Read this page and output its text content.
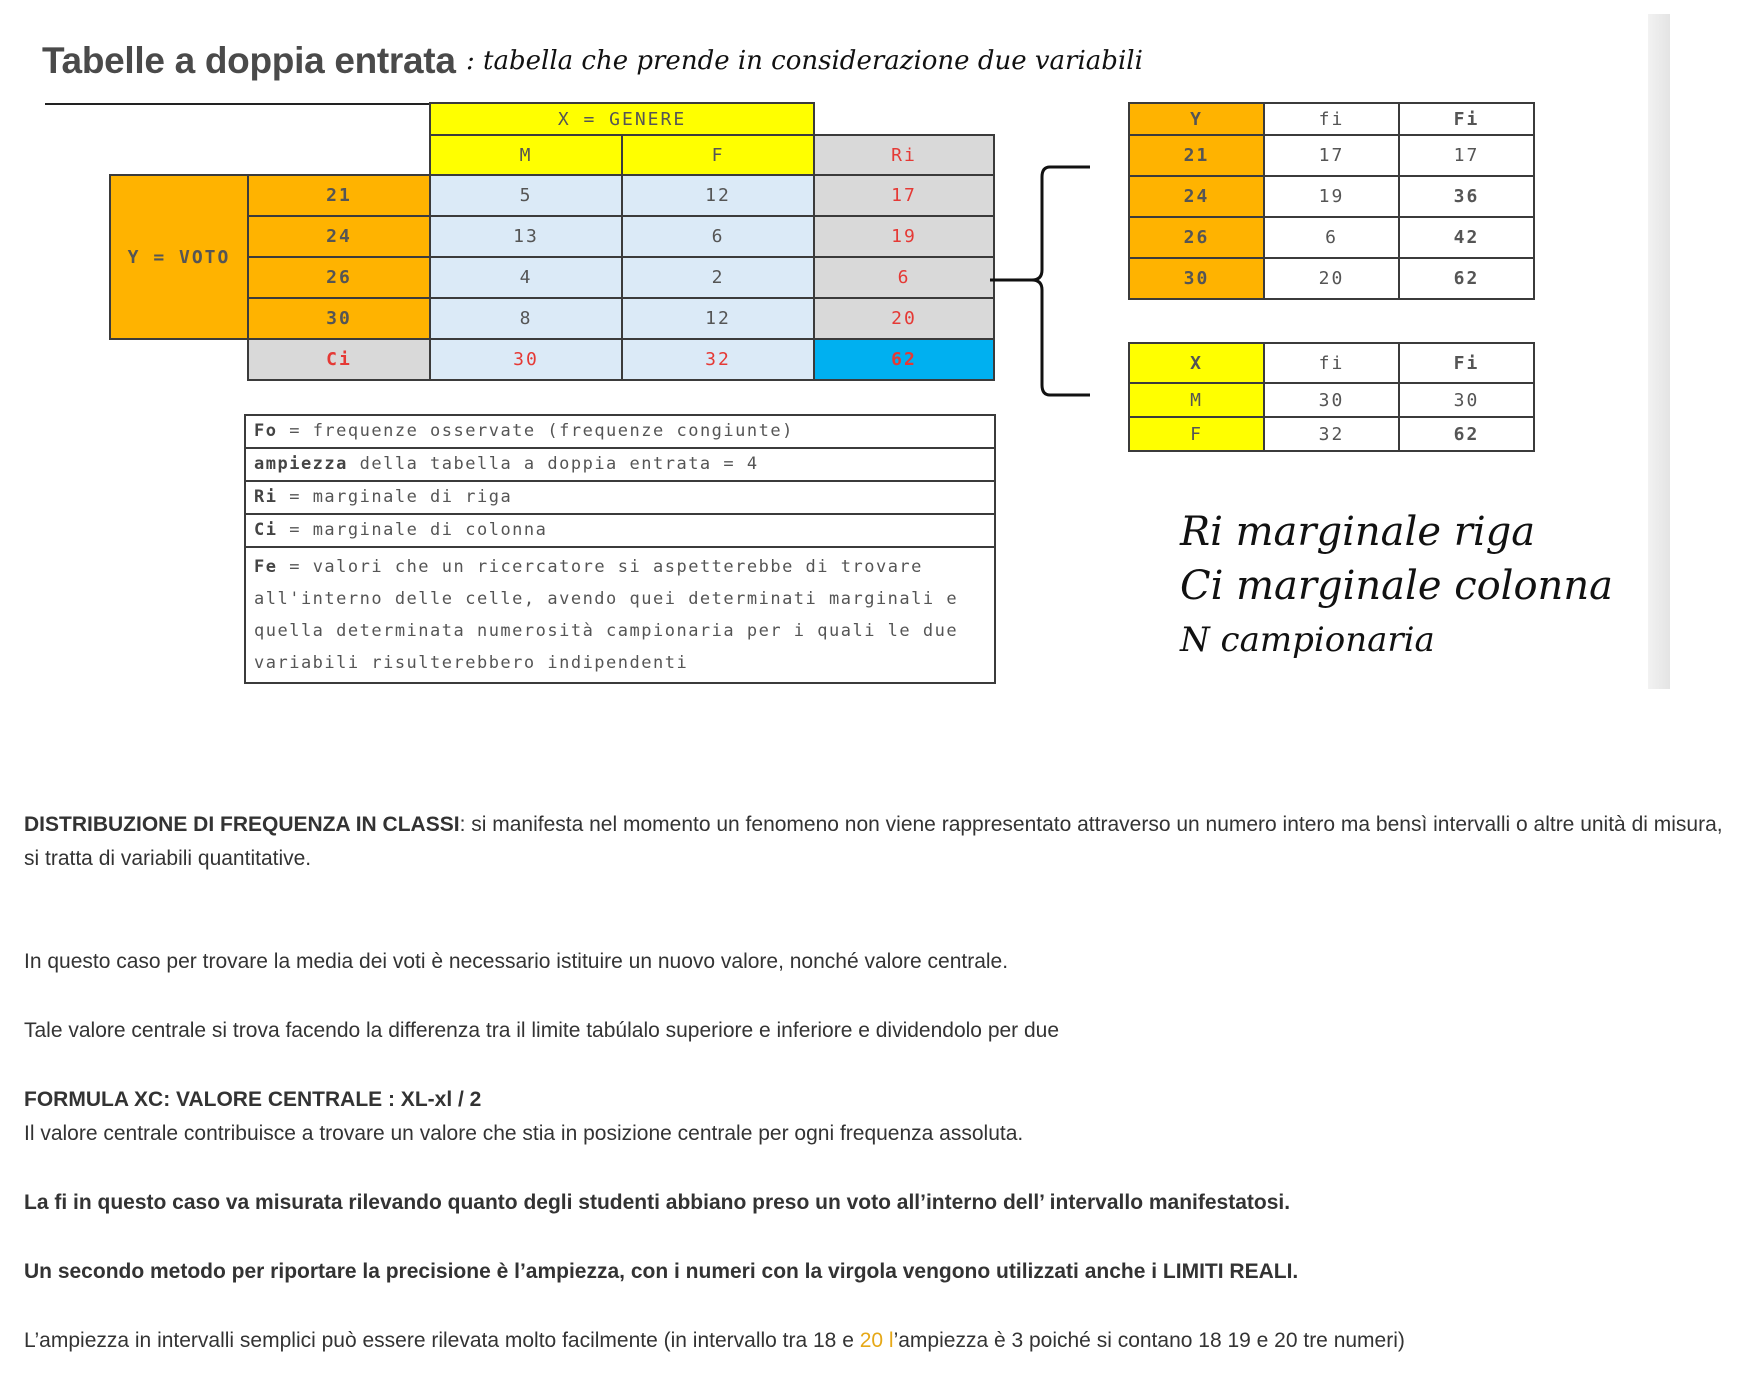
Tabelle a doppia entrata : tabella che prende in considerazione due variabili
		X = GENERE		
		M	F	Ri
Y = VOTO	21	5	12	17
	24	13	6	19
	26	4	2	6
	30	8	12	20
	Ci	30	32	62
Y	fi	Fi
21	17	17
24	19	36
26	6	42
30	20	62
X	fi	Fi
M	30	30
F	32	62
Fo = frequenze osservate (frequenze congiunte)
ampiezza della tabella a doppia entrata = 4
Ri = marginale di riga
Ci = marginale di colonna
Fe = valori che un ricercatore si aspetterebbe di trovare all'interno delle celle, avendo quei determinati marginali e quella determinata numerosità campionaria per i quali le due variabili risulterebbero indipendenti
Ri marginale riga
Ci marginale colonna
N campionaria
DISTRIBUZIONE DI FREQUENZA IN CLASSI: si manifesta nel momento un fenomeno non viene rappresentato attraverso un numero intero ma bensì intervalli o altre unità di misura, si tratta di variabili quantitative.
In questo caso per trovare la media dei voti è necessario istituire un nuovo valore, nonché valore centrale.
Tale valore centrale si trova facendo la differenza tra il limite tabúlalo superiore e inferiore e dividendolo per due
FORMULA XC: VALORE CENTRALE : XL-xl / 2
Il valore centrale contribuisce a trovare un valore che stia in posizione centrale per ogni frequenza assoluta.
La fi in questo caso va misurata rilevando quanto degli studenti abbiano preso un voto all’interno dell’ intervallo manifestatosi.
Un secondo metodo per riportare la precisione è l’ampiezza, con i numeri con la virgola vengono utilizzati anche i LIMITI REALI.
L’ampiezza in intervalli semplici può essere rilevata molto facilmente (in intervallo tra 18 e 20 l’ampiezza è 3 poiché si contano 18 19 e 20 tre numeri)
